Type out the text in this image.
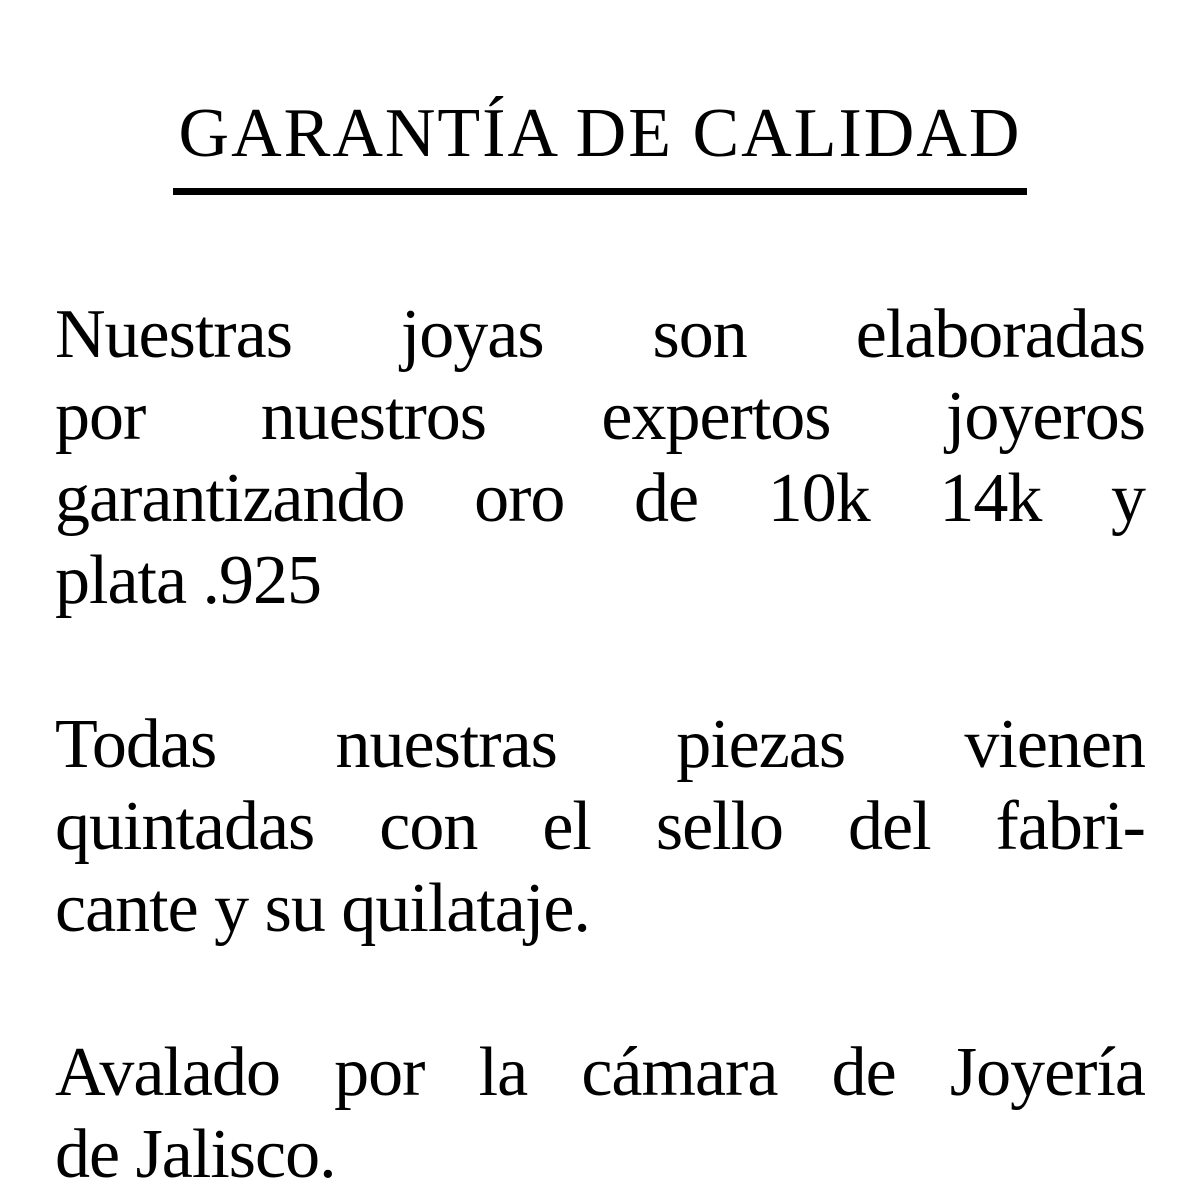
GARANTÍA DE CALIDAD
Nuestras joyas son elaboradas
por nuestros expertos joyeros
garantizando oro de 10k 14k y
plata .925
Todas nuestras piezas vienen
quintadas con el sello del fabri-
cante y su quilataje.
Avalado por la cámara de Joyería
de Jalisco.
